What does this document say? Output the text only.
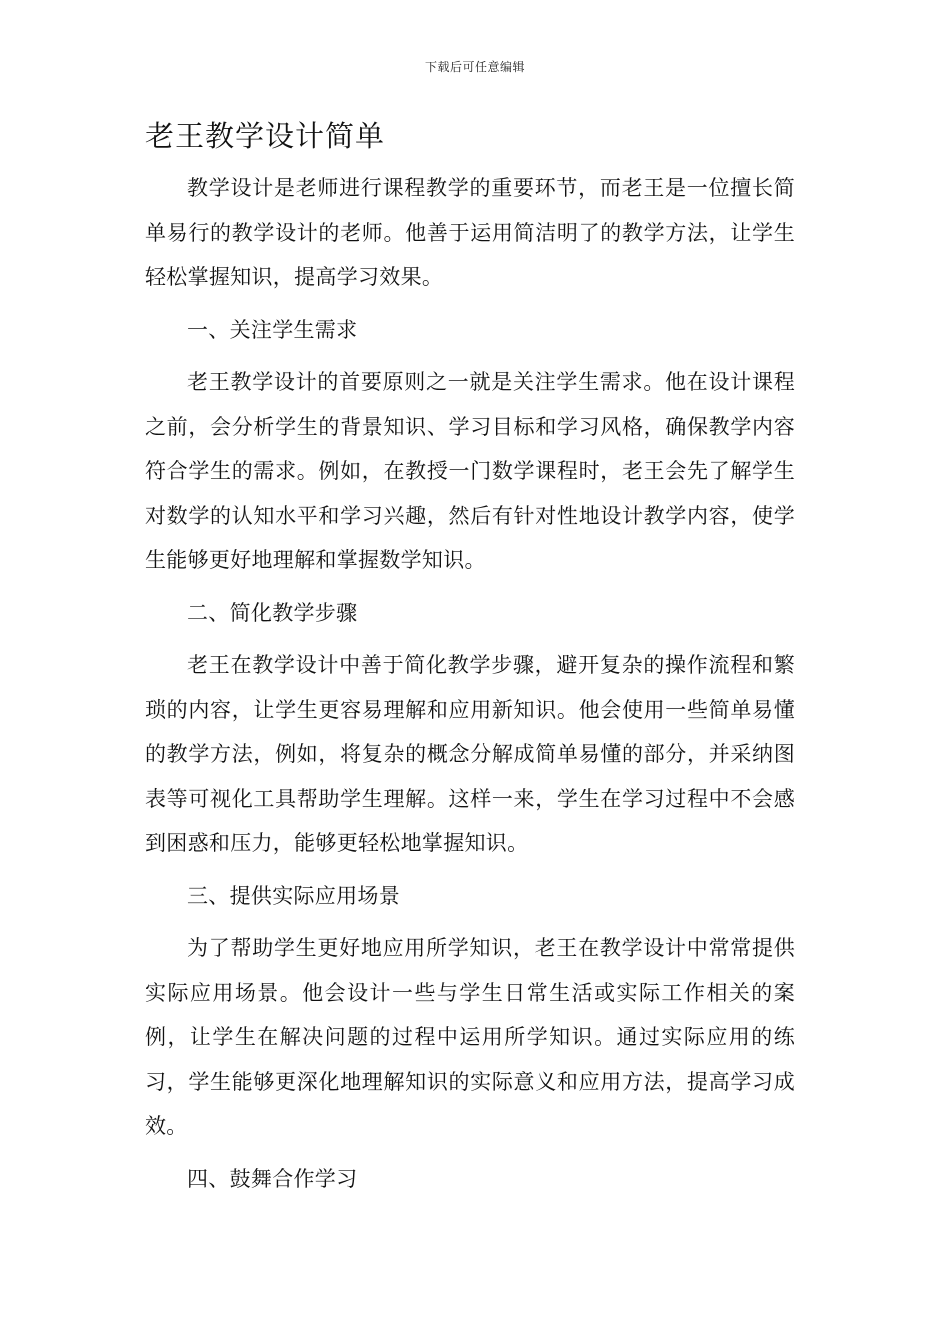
下载后可任意编辑
老王教学设计简单

教学设计是老师进行课程教学的重要环节，而老王是一位擅长简单易行的教学设计的老师。他善于运用简洁明了的教学方法，让学生轻松掌握知识，提高学习效果。

一、关注学生需求

老王教学设计的首要原则之一就是关注学生需求。他在设计课程之前，会分析学生的背景知识、学习目标和学习风格，确保教学内容符合学生的需求。例如，在教授一门数学课程时，老王会先了解学生对数学的认知水平和学习兴趣，然后有针对性地设计教学内容，使学生能够更好地理解和掌握数学知识。

二、简化教学步骤

老王在教学设计中善于简化教学步骤，避开复杂的操作流程和繁琐的内容，让学生更容易理解和应用新知识。他会使用一些简单易懂的教学方法，例如，将复杂的概念分解成简单易懂的部分，并采纳图表等可视化工具帮助学生理解。这样一来，学生在学习过程中不会感到困惑和压力，能够更轻松地掌握知识。

三、提供实际应用场景

为了帮助学生更好地应用所学知识，老王在教学设计中常常提供实际应用场景。他会设计一些与学生日常生活或实际工作相关的案例，让学生在解决问题的过程中运用所学知识。通过实际应用的练习，学生能够更深化地理解知识的实际意义和应用方法，提高学习成效。

四、鼓舞合作学习
